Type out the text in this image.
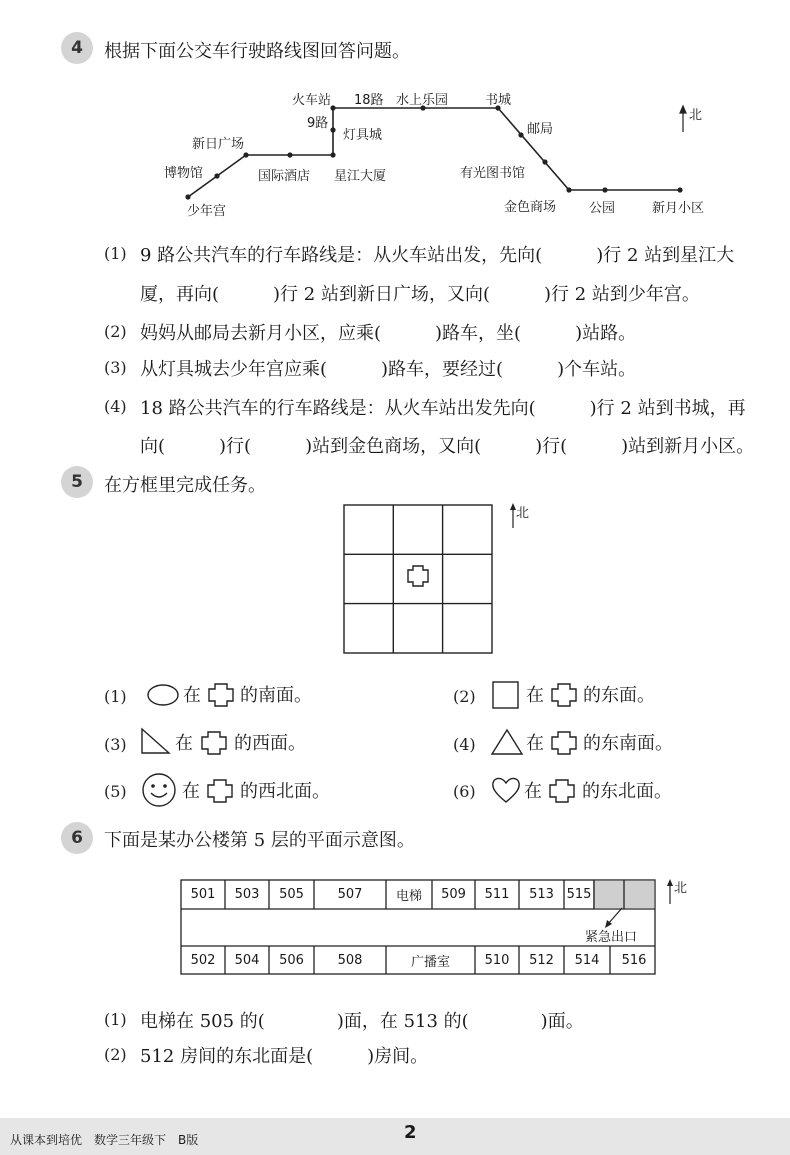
4	根据下面公交车行驶路线图回答问题。
火车站 18路 水上乐园	书城
9路
灯具城	邮局
新日广场
博物馆	国际酒店 星江大厦	有光图书馆
少年宫	金色商场	公园	新月小区
北
(1) 9 路公共汽车的行车路线是：从火车站出发，先向(　　　)行 2 站到星江大
厦，再向(　　　)行 2 站到新日广场，又向(　　　)行 2 站到少年宫。
(2) 妈妈从邮局去新月小区，应乘(　　　)路车，坐(　　　)站路。
(3) 从灯具城去少年宫应乘(　　　)路车，要经过(　　　)个车站。
(4) 18 路公共汽车的行车路线是：从火车站出发先向(　　　)行 2 站到书城，再
向(　　　)行(　　　)站到金色商场，又向(　　　)行(　　　)站到新月小区。
5	在方框里完成任务。
北
(1)	在 的南面。	(2)	在 的东面。
(3)	在 的西面。	(4)	在 的东南面。
(5)	在 的西北面。	(6)	在 的东北面。
6	下面是某办公楼第 5 层的平面示意图。
501	503	505	507	电梯	509	511	513 515
502	504	506	508	广播室	510	512	514	516
紧急出口
北
(1) 电梯在 505 的(　　　　)面，在 513 的(　　　　)面。
(2) 512 房间的东北面是(　　　)房间。
从课本到培优　数学三年级下　B版	2
